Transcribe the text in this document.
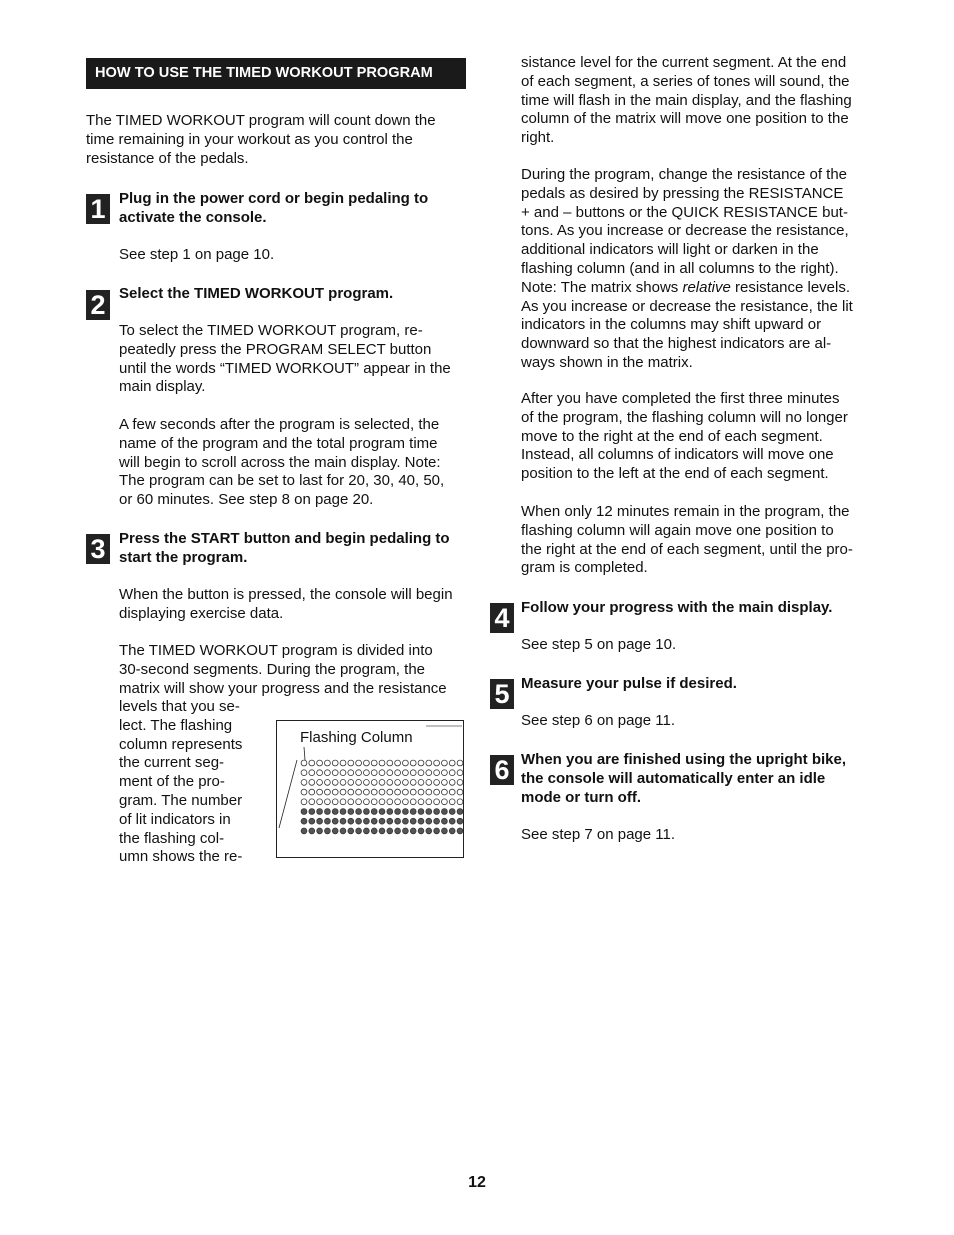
HOW TO USE THE TIMED WORKOUT PROGRAM

The TIMED WORKOUT program will count down the
time remaining in your workout as you control the
resistance of the pedals.

1 Plug in the power cord or begin pedaling to
activate the console.

See step 1 on page 10.

2 Select the TIMED WORKOUT program.

To select the TIMED WORKOUT program, re-
peatedly press the PROGRAM SELECT button
until the words “TIMED WORKOUT” appear in the
main display.

A few seconds after the program is selected, the
name of the program and the total program time
will begin to scroll across the main display. Note:
The program can be set to last for 20, 30, 40, 50,
or 60 minutes. See step 8 on page 20.

3 Press the START button and begin pedaling to
start the program.

When the button is pressed, the console will begin
displaying exercise data.

The TIMED WORKOUT program is divided into
30-second segments. During the program, the
matrix will show your progress and the resistance

levels that you se-
lect. The flashing
column represents
the current seg-
ment of the pro-
gram. The number
of lit indicators in
the flashing col-
umn shows the re-

Flashing Column

sistance level for the current segment. At the end
of each segment, a series of tones will sound, the
time will flash in the main display, and the flashing
column of the matrix will move one position to the
right.

During the program, change the resistance of the
pedals as desired by pressing the RESISTANCE
+ and – buttons or the QUICK RESISTANCE but-
tons. As you increase or decrease the resistance,
additional indicators will light or darken in the
flashing column (and in all columns to the right).
Note: The matrix shows relative resistance levels.
As you increase or decrease the resistance, the lit
indicators in the columns may shift upward or
downward so that the highest indicators are al-
ways shown in the matrix.

After you have completed the first three minutes
of the program, the flashing column will no longer
move to the right at the end of each segment.
Instead, all columns of indicators will move one
position to the left at the end of each segment.

When only 12 minutes remain in the program, the
flashing column will again move one position to
the right at the end of each segment, until the pro-
gram is completed.

4 Follow your progress with the main display.

See step 5 on page 10.

5 Measure your pulse if desired.

See step 6 on page 11.

6 When you are finished using the upright bike,
the console will automatically enter an idle
mode or turn off.

See step 7 on page 11.

12
